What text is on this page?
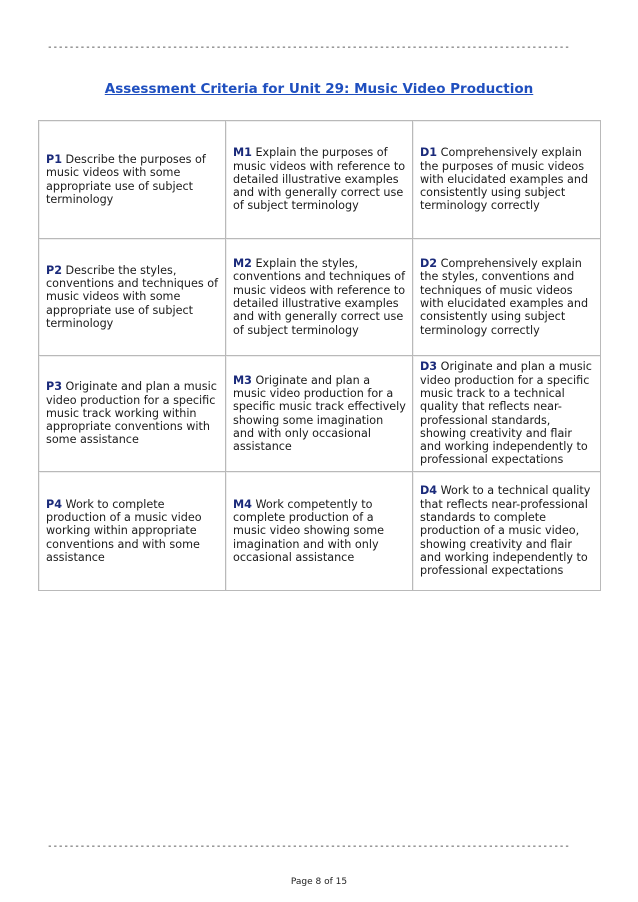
------------------------------------------------------------------------------------------------
Assessment Criteria for Unit 29: Music Video Production
P1 Describe the purposes of music videos with some appropriate use of subject terminology	M1 Explain the purposes of music videos with reference to detailed illustrative examples and with generally correct use of subject terminology	D1 Comprehensively explain the purposes of music videos with elucidated examples and consistently using subject terminology correctly
P2 Describe the styles, conventions and techniques of music videos with some appropriate use of subject terminology	M2 Explain the styles, conventions and techniques of music videos with reference to detailed illustrative examples and with generally correct use of subject terminology	D2 Comprehensively explain the styles, conventions and techniques of music videos with elucidated examples and consistently using subject terminology correctly
P3 Originate and plan a music video production for a specific music track working within appropriate conventions with some assistance	M3 Originate and plan a music video production for a specific music track effectively showing some imagination and with only occasional assistance	D3 Originate and plan a music video production for a specific music track to a technical quality that reflects near-professional standards, showing creativity and flair and working independently to professional expectations
P4 Work to complete production of a music video working within appropriate conventions and with some assistance	M4 Work competently to complete production of a music video showing some imagination and with only occasional assistance	D4 Work to a technical quality that reflects near-professional standards to complete production of a music video, showing creativity and flair and working independently to professional expectations
------------------------------------------------------------------------------------------------
Page 8 of 15
